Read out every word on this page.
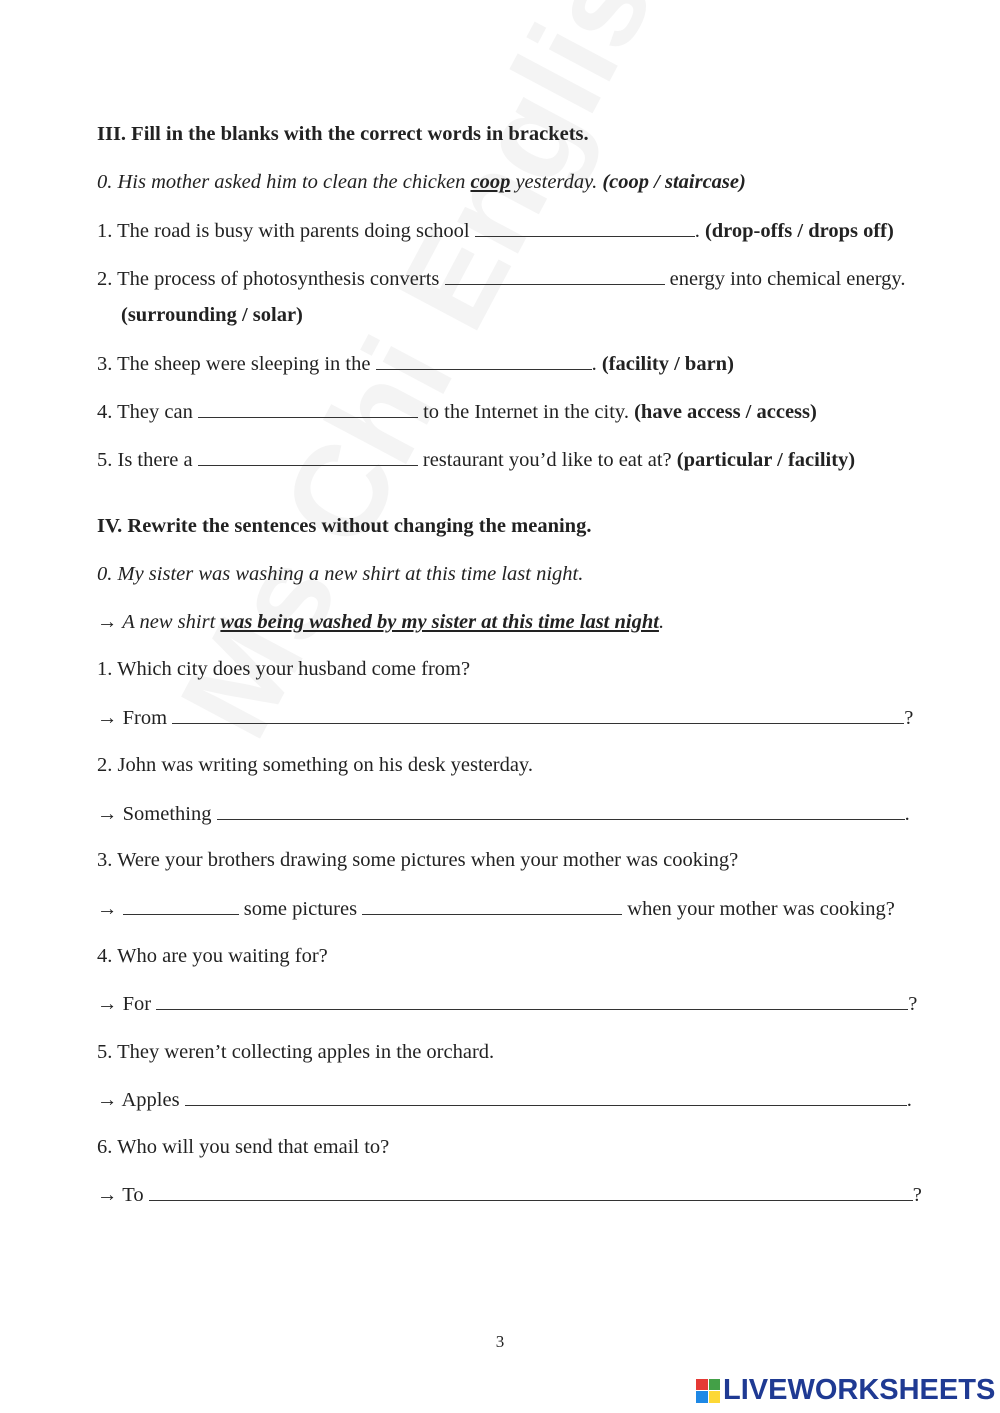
III. Fill in the blanks with the correct words in brackets.
0. His mother asked him to clean the chicken coop yesterday. (coop / staircase)
1. The road is busy with parents doing school	. (drop-offs / drops off)
2. The process of photosynthesis converts	energy into chemical energy.
(surrounding / solar)
3. The sheep were sleeping in the	. (facility / barn)
4. They can	to the Internet in the city. (have access / access)
5. Is there a	restaurant you’d like to eat at? (particular / facility)
IV. Rewrite the sentences without changing the meaning.
0. My sister was washing a new shirt at this time last night.
→ A new shirt was being washed by my sister at this time last night.
1. Which city does your husband come from?
→ From	?
2. John was writing something on his desk yesterday.
→ Something	.
3. Were your brothers drawing some pictures when your mother was cooking?
→	some pictures	when your mother was cooking?
4. Who are you waiting for?
→ For	?
5. They weren’t collecting apples in the orchard.
→ Apples	.
6. Who will you send that email to?
→ To	?
3
LIVEWORKSHEETS
